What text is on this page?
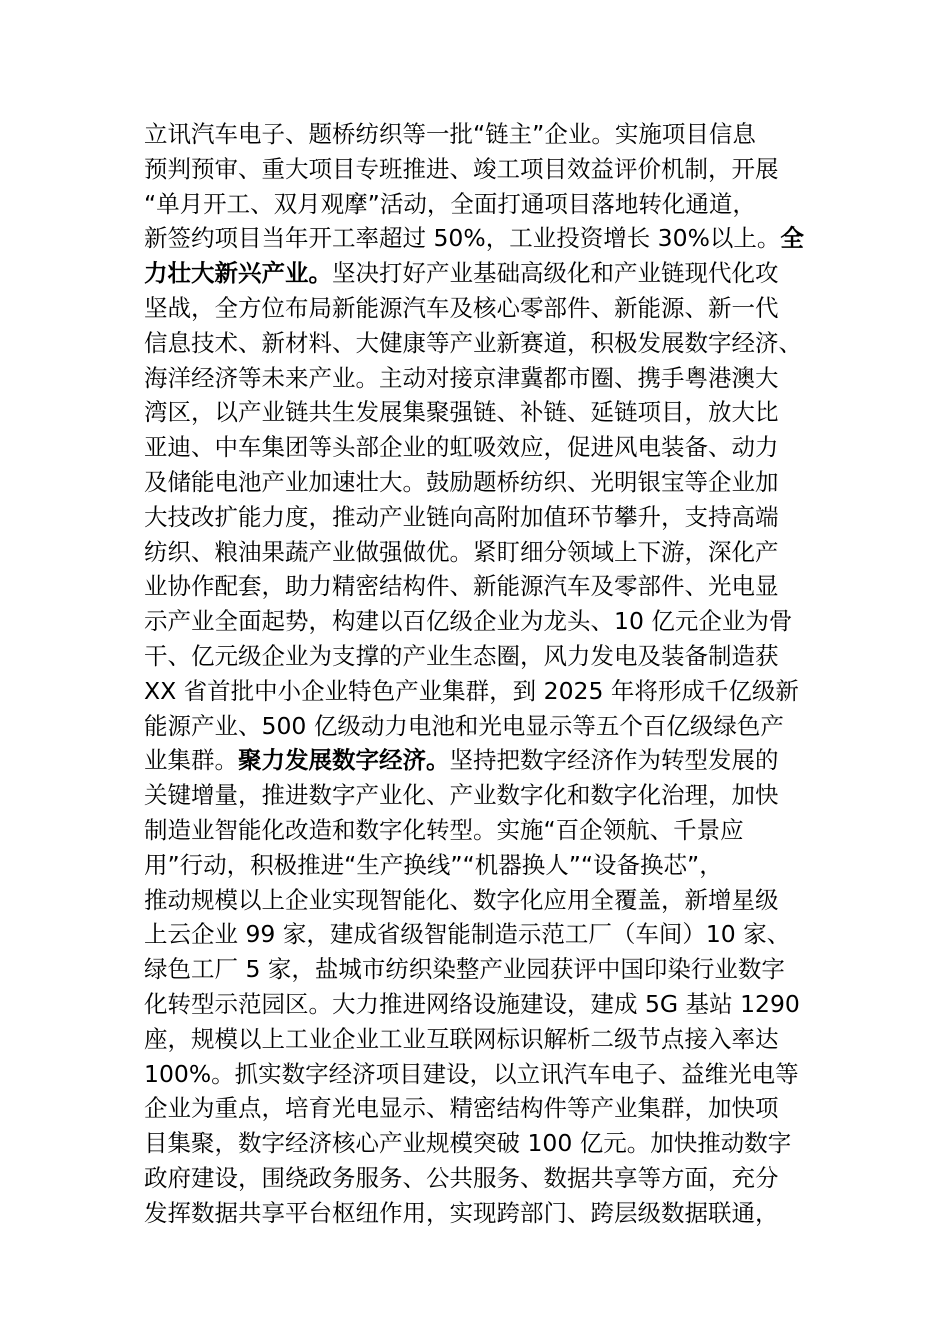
立讯汽车电子、题桥纺织等一批“链主”企业。实施项目信息
预判预审、重大项目专班推进、竣工项目效益评价机制，开展
“单月开工、双月观摩”活动，全面打通项目落地转化通道，
新签约项目当年开工率超过 50%，工业投资增长 30%以上。全
力壮大新兴产业。坚决打好产业基础高级化和产业链现代化攻
坚战，全方位布局新能源汽车及核心零部件、新能源、新一代
信息技术、新材料、大健康等产业新赛道，积极发展数字经济、
海洋经济等未来产业。主动对接京津冀都市圈、携手粤港澳大
湾区，以产业链共生发展集聚强链、补链、延链项目，放大比
亚迪、中车集团等头部企业的虹吸效应，促进风电装备、动力
及储能电池产业加速壮大。鼓励题桥纺织、光明银宝等企业加
大技改扩能力度，推动产业链向高附加值环节攀升，支持高端
纺织、粮油果蔬产业做强做优。紧盯细分领域上下游，深化产
业协作配套，助力精密结构件、新能源汽车及零部件、光电显
示产业全面起势，构建以百亿级企业为龙头、10 亿元企业为骨
干、亿元级企业为支撑的产业生态圈，风力发电及装备制造获
XX 省首批中小企业特色产业集群，到 2025 年将形成千亿级新
能源产业、500 亿级动力电池和光电显示等五个百亿级绿色产
业集群。聚力发展数字经济。坚持把数字经济作为转型发展的
关键增量，推进数字产业化、产业数字化和数字化治理，加快
制造业智能化改造和数字化转型。实施“百企领航、千景应
用”行动，积极推进“生产换线”“机器换人”“设备换芯”，
推动规模以上企业实现智能化、数字化应用全覆盖，新增星级
上云企业 99 家，建成省级智能制造示范工厂（车间）10 家、
绿色工厂 5 家，盐城市纺织染整产业园获评中国印染行业数字
化转型示范园区。大力推进网络设施建设，建成 5G 基站 1290
座，规模以上工业企业工业互联网标识解析二级节点接入率达
100%。抓实数字经济项目建设，以立讯汽车电子、益维光电等
企业为重点，培育光电显示、精密结构件等产业集群，加快项
目集聚，数字经济核心产业规模突破 100 亿元。加快推动数字
政府建设，围绕政务服务、公共服务、数据共享等方面，充分
发挥数据共享平台枢纽作用，实现跨部门、跨层级数据联通，
